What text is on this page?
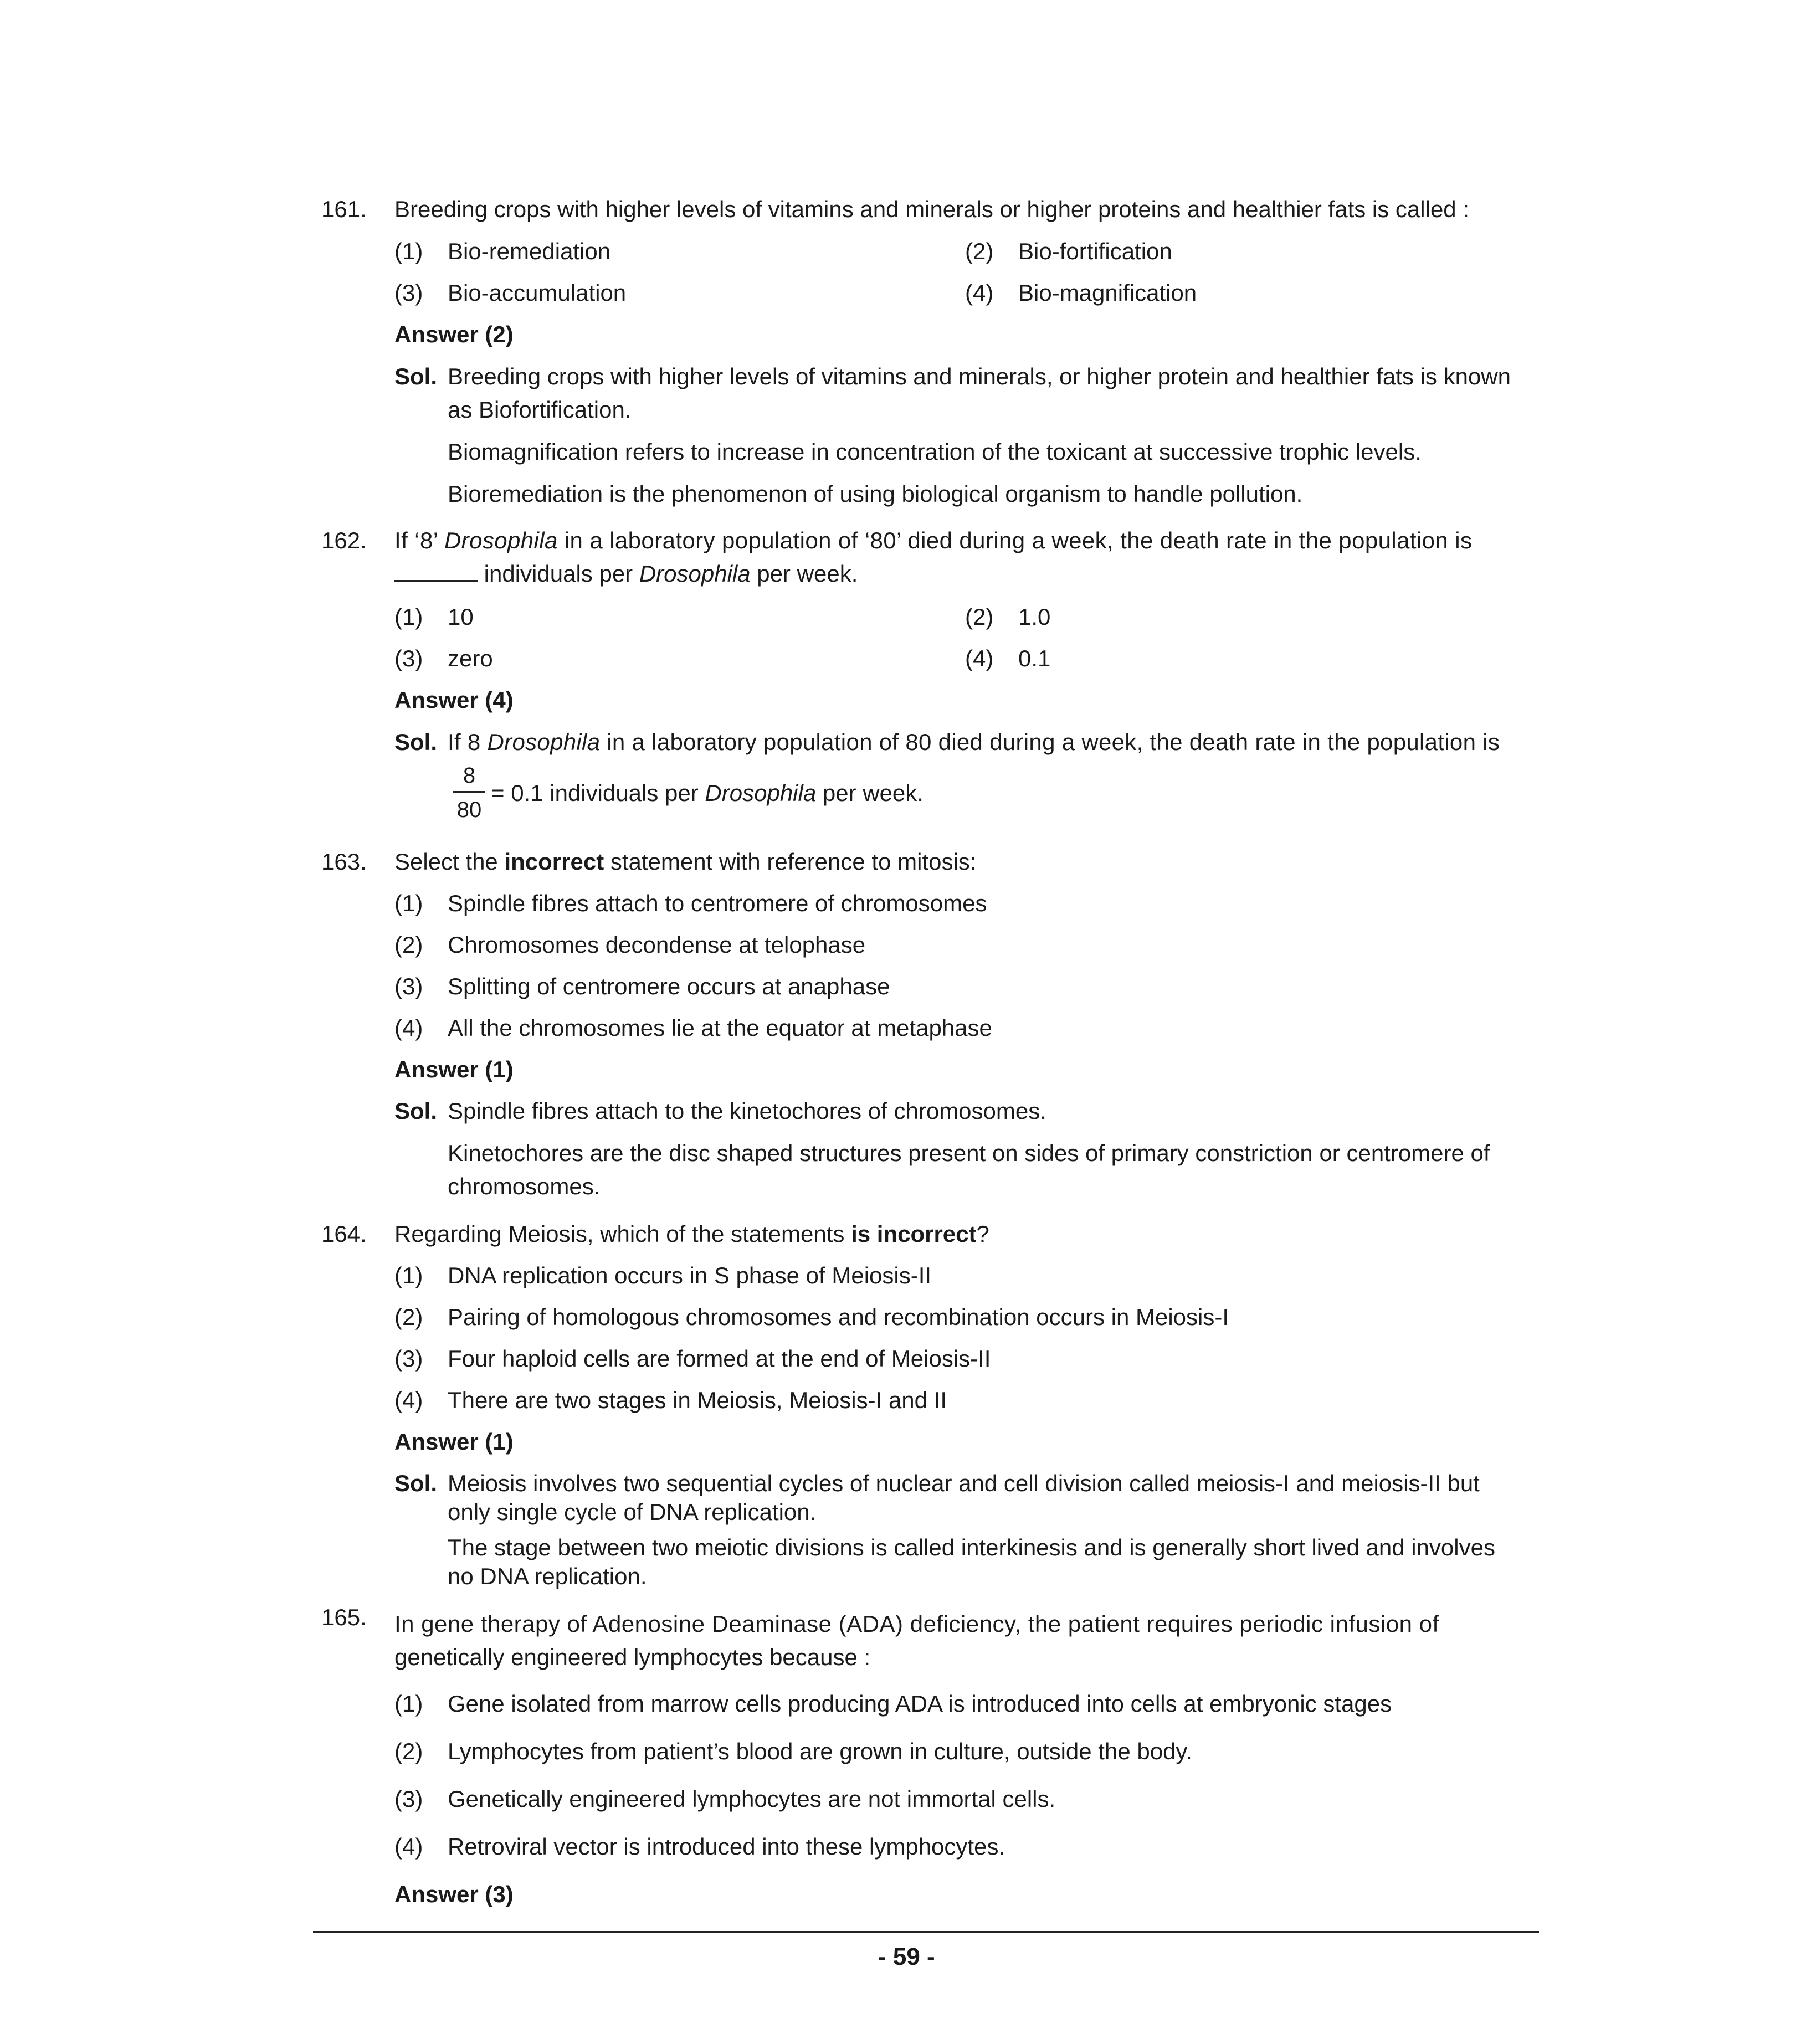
161. Breeding crops with higher levels of vitamins and minerals or higher proteins and healthier fats is called :
(1) Bio-remediation	(2) Bio-fortification
(3) Bio-accumulation	(4) Bio-magnification
Answer (2)
Sol. Breeding crops with higher levels of vitamins and minerals, or higher protein and healthier fats is known
as Biofortification.
Biomagnification refers to increase in concentration of the toxicant at successive trophic levels.
Bioremediation is the phenomenon of using biological organism to handle pollution.
162. If ‘8’ Drosophila in a laboratory population of ‘80’ died during a week, the death rate in the population is
individuals per Drosophila per week.
(1) 10	(2) 1.0
(3) zero	(4) 0.1
Answer (4)
Sol. If 8 Drosophila in a laboratory population of 80 died during a week, the death rate in the population is
8
80
= 0.1 individuals per Drosophila per week.
163. Select the incorrect statement with reference to mitosis:
(1) Spindle fibres attach to centromere of chromosomes
(2) Chromosomes decondense at telophase
(3) Splitting of centromere occurs at anaphase
(4) All the chromosomes lie at the equator at metaphase
Answer (1)
Sol. Spindle fibres attach to the kinetochores of chromosomes.
Kinetochores are the disc shaped structures present on sides of primary constriction or centromere of
chromosomes.
164. Regarding Meiosis, which of the statements is incorrect?
(1) DNA replication occurs in S phase of Meiosis-II
(2) Pairing of homologous chromosomes and recombination occurs in Meiosis-I
(3) Four haploid cells are formed at the end of Meiosis-II
(4) There are two stages in Meiosis, Meiosis-I and II
Answer (1)
Sol. Meiosis involves two sequential cycles of nuclear and cell division called meiosis-I and meiosis-II but
only single cycle of DNA replication.
The stage between two meiotic divisions is called interkinesis and is generally short lived and involves
no DNA replication.
165. In gene therapy of Adenosine Deaminase (ADA) deficiency, the patient requires periodic infusion of
genetically engineered lymphocytes because :
(1) Gene isolated from marrow cells producing ADA is introduced into cells at embryonic stages
(2) Lymphocytes from patient’s blood are grown in culture, outside the body.
(3) Genetically engineered lymphocytes are not immortal cells.
(4) Retroviral vector is introduced into these lymphocytes.
Answer (3)
- 59 -
